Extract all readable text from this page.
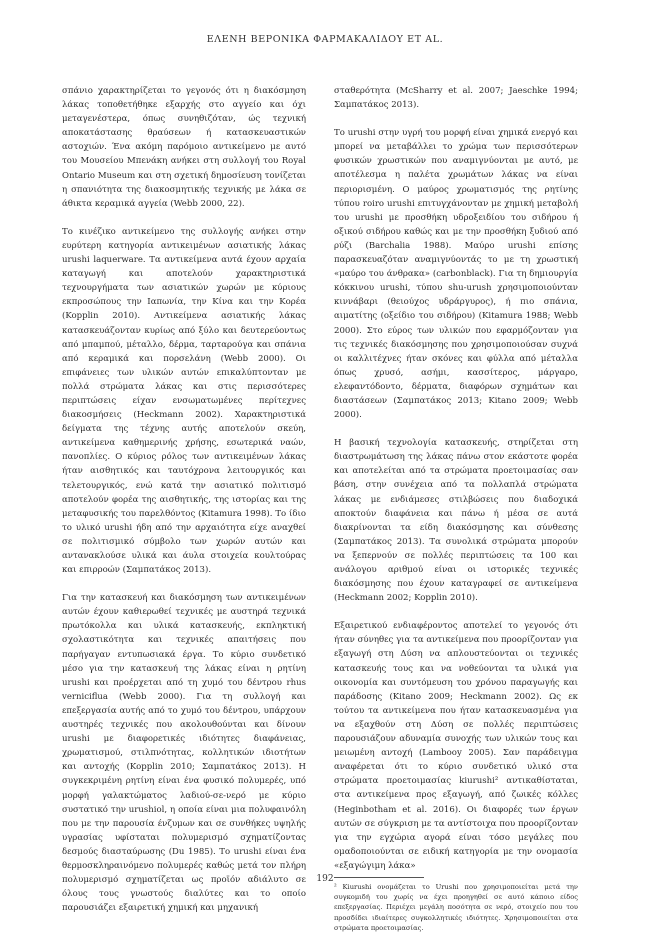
ΕΛΕΝΗ ΒΕΡΟΝΙΚΑ ΦΑΡΜΑΚΑΛΙΔΟΥ ET AL.

σπάνιο χαρακτηρίζεται το γεγονός ότι η διακόσμηση λάκας τοποθετήθηκε εξαρχής στο αγγείο και όχι μεταγενέστερα, όπως συνηθιζόταν, ώς τεχνική αποκατάστασης θραύσεων ή κατασκευαστικών αστοχιών. Ένα ακόμη παρόμοιο αντικείμενο με αυτό του Μουσείου Μπενάκη ανήκει στη συλλογή του Royal Ontario Museum και στη σχετική δημοσίευση τονίζεται η σπανιότητα της διακοσμητικής τεχνικής με λάκα σε άθικτα κεραμικά αγγεία (Webb 2000, 22).

Το κινέζικο αντικείμενο της συλλογής ανήκει στην ευρύτερη κατηγορία αντικειμένων ασιατικής λάκας urushi laquerware. Τα αντικείμενα αυτά έχουν αρχαία καταγωγή και αποτελούν χαρακτηριστικά τεχνουργήματα των ασιατικών χωρών με κύριους εκπροσώπους την Ιαπωνία, την Κίνα και την Κορέα (Kopplin 2010). Αντικείμενα ασιατικής λάκας κατασκευάζονταν κυρίως από ξύλο και δευτερεύοντως από μπαμπού, μέταλλο, δέρμα, ταρταρούγα και σπάνια από κεραμικά και πορσελάνη (Webb 2000). Οι επιφάνειες των υλικών αυτών επικαλύπτονταν με πολλά στρώματα λάκας και στις περισσότερες περιπτώσεις είχαν ενσωματωμένες περίτεχνες διακοσμήσεις (Heckmann 2002). Χαρακτηριστικά δείγματα της τέχνης αυτής αποτελούν σκεύη, αντικείμενα καθημερινής χρήσης, εσωτερικά ναών, πανοπλίες. Ο κύριος ρόλος των αντικειμένων λάκας ήταν αισθητικός και ταυτόχρονα λειτουργικός και τελετουργικός, ενώ κατά την ασιατικό πολιτισμό αποτελούν φορέα της αισθητικής, της ιστορίας και της μεταφυσικής του παρελθόντος (Kitamura 1998). Το ίδιο το υλικό urushi ήδη από την αρχαιότητα είχε αναχθεί σε πολιτισμικό σύμβολο των χωρών αυτών και αντανακλούσε υλικά και άυλα στοιχεία κουλτούρας και επιρροών (Σαμπατάκος 2013).

Για την κατασκευή και διακόσμηση των αντικειμένων αυτών έχουν καθιερωθεί τεχνικές με αυστηρά τεχνικά πρωτόκολλα και υλικά κατασκευής, εκπληκτική σχολαστικότητα και τεχνικές απαιτήσεις που παρήγαγαν εντυπωσιακά έργα. Το κύριο συνδετικό μέσο για την κατασκευή της λάκας είναι η ρητίνη urushi και προέρχεται από τη χυμό του δέντρου rhus verniciflua (Webb 2000). Για τη συλλογή και επεξεργασία αυτής από το χυμό του δέντρου, υπάρχουν αυστηρές τεχνικές που ακολουθούνται και δίνουν urushi με διαφορετικές ιδιότητες διαφάνειας, χρωματισμού, στιλπνότητας, κολλητικών ιδιοτήτων και αντοχής (Kopplin 2010; Σαμπατάκος 2013). Η συγκεκριμένη ρητίνη είναι ένα φυσικό πολυμερές, υπό μορφή γαλακτώματος λαδιού-σε-νερό με κύριο συστατικό την urushiol, η οποία είναι μια πολυφαινόλη που με την παρουσία ένζυμων και σε συνθήκες υψηλής υγρασίας υφίσταται πολυμερισμό σχηματίζοντας δεσμούς διασταύρωσης (Du 1985). Το urushi είναι ένα θερμοσκληραινόμενο πολυμερές καθώς μετά τον πλήρη πολυμερισμό σχηματίζεται ως προϊόν αδιάλυτο σε όλους τους γνωστούς διαλύτες και το οποίο παρουσιάζει εξαιρετική χημική και μηχανική

σταθερότητα (McSharry et al. 2007; Jaeschke 1994; Σαμπατάκος 2013).

Το urushi στην υγρή του μορφή είναι χημικά ενεργό και μπορεί να μεταβάλλει το χρώμα των περισσότερων φυσικών χρωστικών που αναμιγνύονται με αυτό, με αποτέλεσμα η παλέτα χρωμάτων λάκας να είναι περιορισμένη. Ο μαύρος χρωματισμός της ρητίνης τύπου roiro urushi επιτυγχάνονταν με χημική μεταβολή του urushi με προσθήκη υδροξειδίου του σιδήρου ή οξικού σιδήρου καθώς και με την προσθήκη ξυδιού από ρύζι (Barchalia 1988). Μαύρο urushi επίσης παρασκευαζόταν αναμιγνύοντάς το με τη χρωστική «μαύρο του άνθρακα» (carbonblack). Για τη δημιουργία κόκκινου urushi, τύπου shu-urush χρησιμοποιούνταν κιννάβαρι (θειούχος υδράργυρος), ή πιο σπάνια, αιματίτης (οξείδιο του σιδήρου) (Kitamura 1988; Webb 2000). Στο εύρος των υλικών που εφαρμόζονταν για τις τεχνικές διακόσμησης που χρησιμοποιούσαν συχνά οι καλλιτέχνες ήταν σκόνες και φύλλα από μέταλλα όπως χρυσό, ασήμι, κασσίτερος, μάργαρο, ελεφαντόδοντο, δέρματα, διαφόρων σχημάτων και διαστάσεων (Σαμπατάκος 2013; Kitano 2009; Webb 2000).

Η βασική τεχνολογία κατασκευής, στηρίζεται στη διαστρωμάτωση της λάκας πάνω στον εκάστοτε φορέα και αποτελείται από τα στρώματα προετοιμασίας σαν βάση, στην συνέχεια από τα πολλαπλά στρώματα λάκας με ενδιάμεσες στιλβώσεις που διαδοχικά αποκτούν διαφάνεια και πάνω ή μέσα σε αυτά διακρίνονται τα είδη διακόσμησης και σύνθεσης (Σαμπατάκος 2013). Τα συνολικά στρώματα μπορούν να ξεπερνούν σε πολλές περιπτώσεις τα 100 και ανάλογου αριθμού είναι οι ιστορικές τεχνικές διακόσμησης που έχουν καταγραφεί σε αντικείμενα (Heckmann 2002; Kopplin 2010).

Εξαιρετικού ενδιαφέροντος αποτελεί το γεγονός ότι ήταν σύνηθες για τα αντικείμενα που προορίζονταν για εξαγωγή στη Δύση να απλουστεύονται οι τεχνικές κατασκευής τους και να νοθεύονται τα υλικά για οικονομία και συντόμευση του χρόνου παραγωγής και παράδοσης (Kitano 2009; Heckmann 2002). Ως εκ τούτου τα αντικείμενα που ήταν κατασκευασμένα για να εξαχθούν στη Δύση σε πολλές περιπτώσεις παρουσιάζουν αδυναμία συνοχής των υλικών τους και μειωμένη αντοχή (Lambooy 2005). Σαν παράδειγμα αναφέρεται ότι το κύριο συνδετικό υλικό στα στρώματα προετοιμασίας kiurushi² αντικαθίσταται, στα αντικείμενα προς εξαγωγή, από ζωικές κόλλες (Heginbotham et al. 2016). Οι διαφορές των έργων αυτών σε σύγκριση με τα αντίστοιχα που προορίζονταν για την εγχώρια αγορά είναι τόσο μεγάλες που ομαδοποιούνται σε ειδική κατηγορία με την ονομασία «εξαγώγιμη λάκα»

² Kiurushi ονομάζεται το Urushi που χρησιμοποιείται μετά την συγκομιδή του χωρίς να έχει προηγηθεί σε αυτό κάποιο είδος επεξεργασίας. Περιέχει μεγάλη ποσότητα σε νερό, στοιχείο που του προσδίδει ιδιαίτερες συγκολλητικές ιδιότητες. Χρησιμοποιείται στα στρώματα προετοιμασίας.

192
